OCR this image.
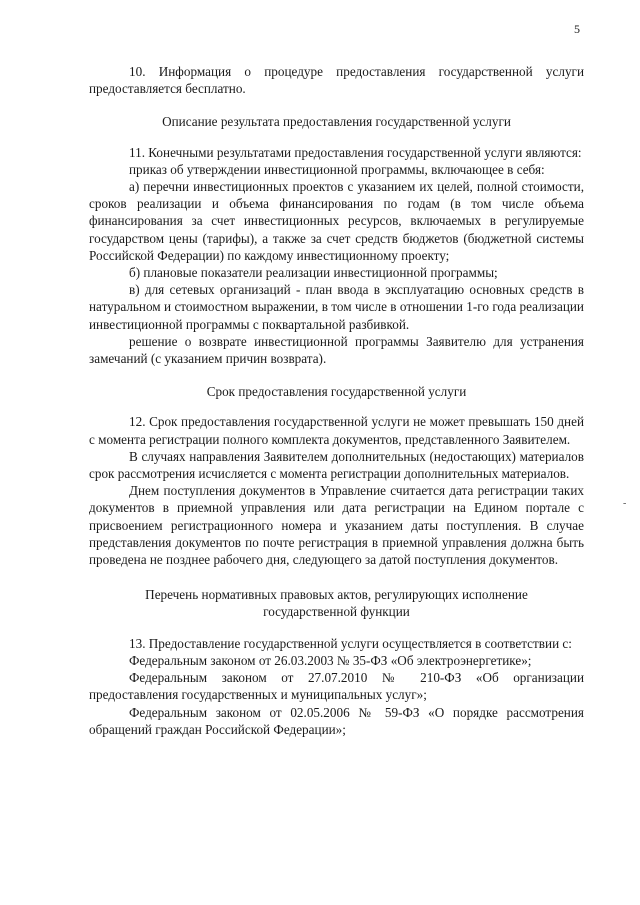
5

10. Информация о процедуре предоставления государственной услуги предоставляется бесплатно.

Описание результата предоставления государственной услуги

11. Конечными результатами предоставления государственной услуги являются:

приказ об утверждении инвестиционной программы, включающее в себя:

а) перечни инвестиционных проектов с указанием их целей, полной стоимости, сроков реализации и объема финансирования по годам (в том числе объема финансирования за счет инвестиционных ресурсов, включаемых в регулируемые государством цены (тарифы), а также за счет средств бюджетов (бюджетной системы Российской Федерации) по каждому инвестиционному проекту;

б) плановые показатели реализации инвестиционной программы;

в) для сетевых организаций - план ввода в эксплуатацию основных средств в натуральном и стоимостном выражении, в том числе в отношении 1-го года реализации инвестиционной программы с поквартальной разбивкой.

решение о возврате инвестиционной программы Заявителю для устранения замечаний (с указанием причин возврата).

Срок предоставления государственной услуги

12. Срок предоставления государственной услуги не может превышать 150 дней с момента регистрации полного комплекта документов, представленного Заявителем.

В случаях направления Заявителем дополнительных (недостающих) материалов срок рассмотрения исчисляется с момента регистрации дополнительных материалов.

Днем поступления документов в Управление считается дата регистрации таких документов в приемной управления или дата регистрации на Едином портале с присвоением регистрационного номера и указанием даты поступления. В случае представления документов по почте регистрация в приемной управления должна быть проведена не позднее рабочего дня, следующего за датой поступления документов.

Перечень нормативных правовых актов, регулирующих исполнение
государственной функции

13. Предоставление государственной услуги осуществляется в соответствии с:

Федеральным законом от 26.03.2003 № 35-ФЗ «Об электроэнергетике»;

Федеральным законом от 27.07.2010 № 210-ФЗ «Об организации предоставления государственных и муниципальных услуг»;

Федеральным законом от 02.05.2006 № 59-ФЗ «О порядке рассмотрения обращений граждан Российской Федерации»;

-
